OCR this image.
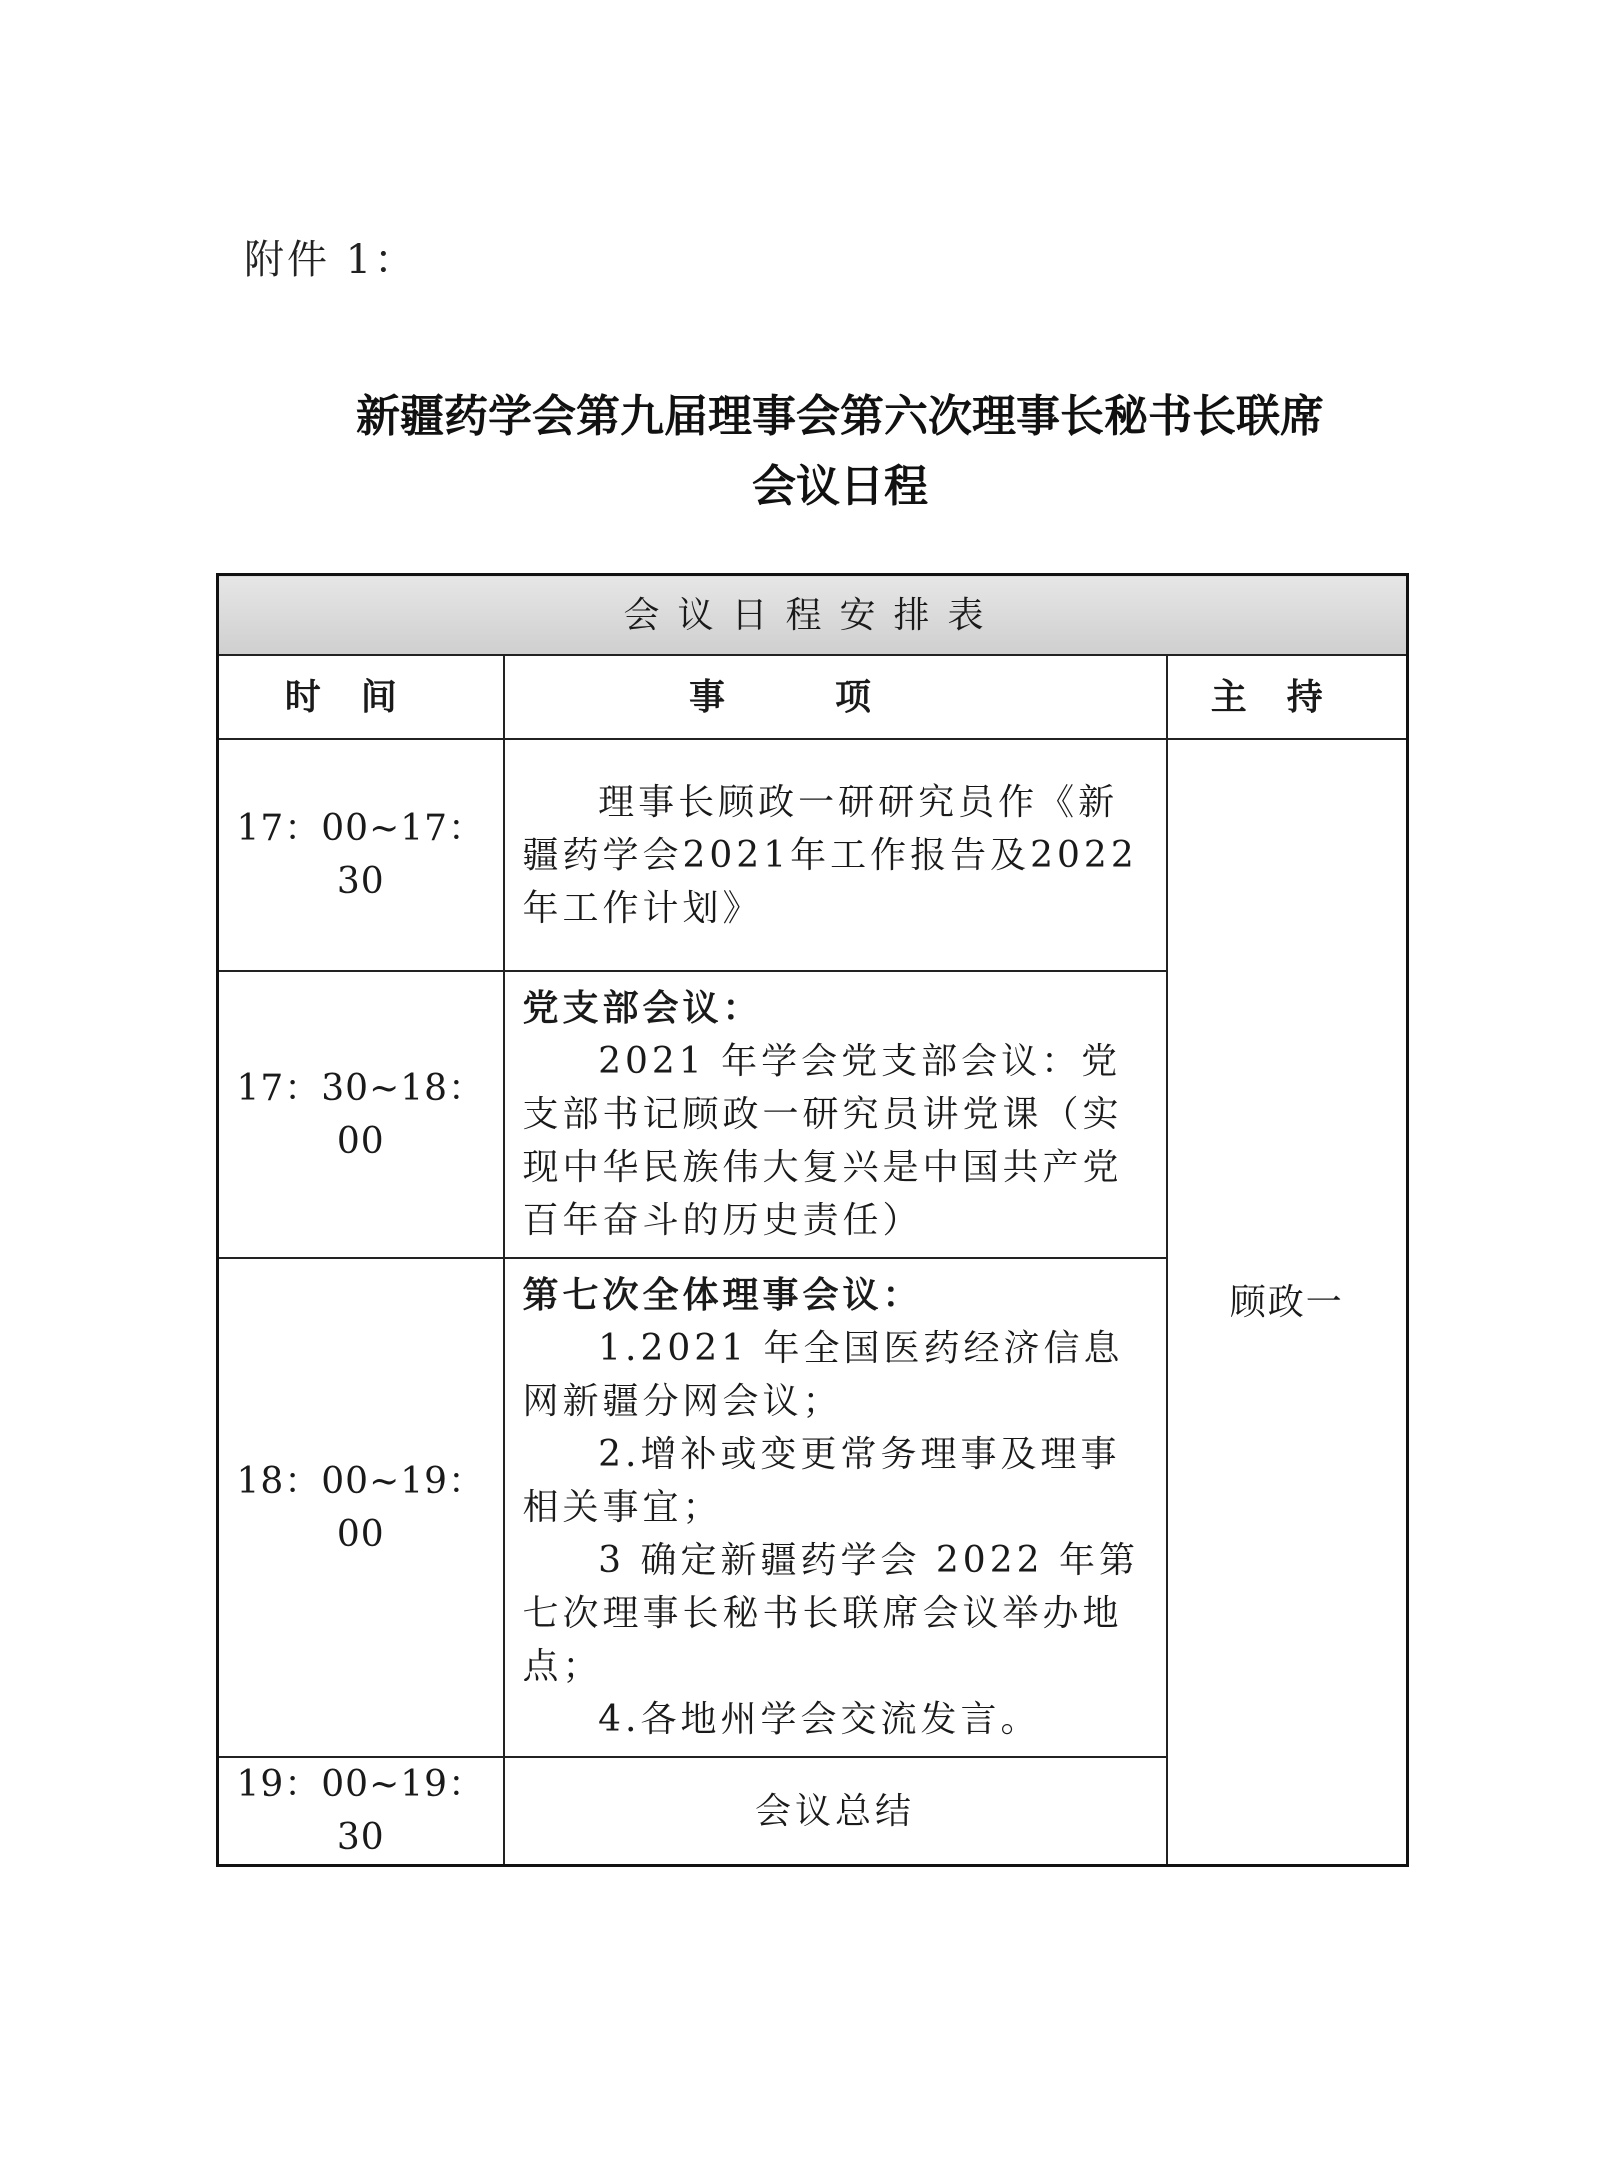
附件 1：
新疆药学会第九届理事会第六次理事长秘书长联席
会议日程
会议日程安排表		
时间	事项	主持
17：00~17：30	理事长顾政一研研究员作《新疆药学会2021年工作报告及2022年工作计划》	顾政一
17：30~18：00	党支部会议：
2021 年学会党支部会议：党支部书记顾政一研究员讲党课（实现中华民族伟大复兴是中国共产党百年奋斗的历史责任）	

18：00~19：00	第七次全体理事会议：
1.2021 年全国医药经济信息网新疆分网会议；
2.增补或变更常务理事及理事相关事宜；
3 确定新疆药学会 2022 年第七次理事长秘书长联席会议举办地点；
4.各地州学会交流发言。	

19：00~19：30	会议总结	
